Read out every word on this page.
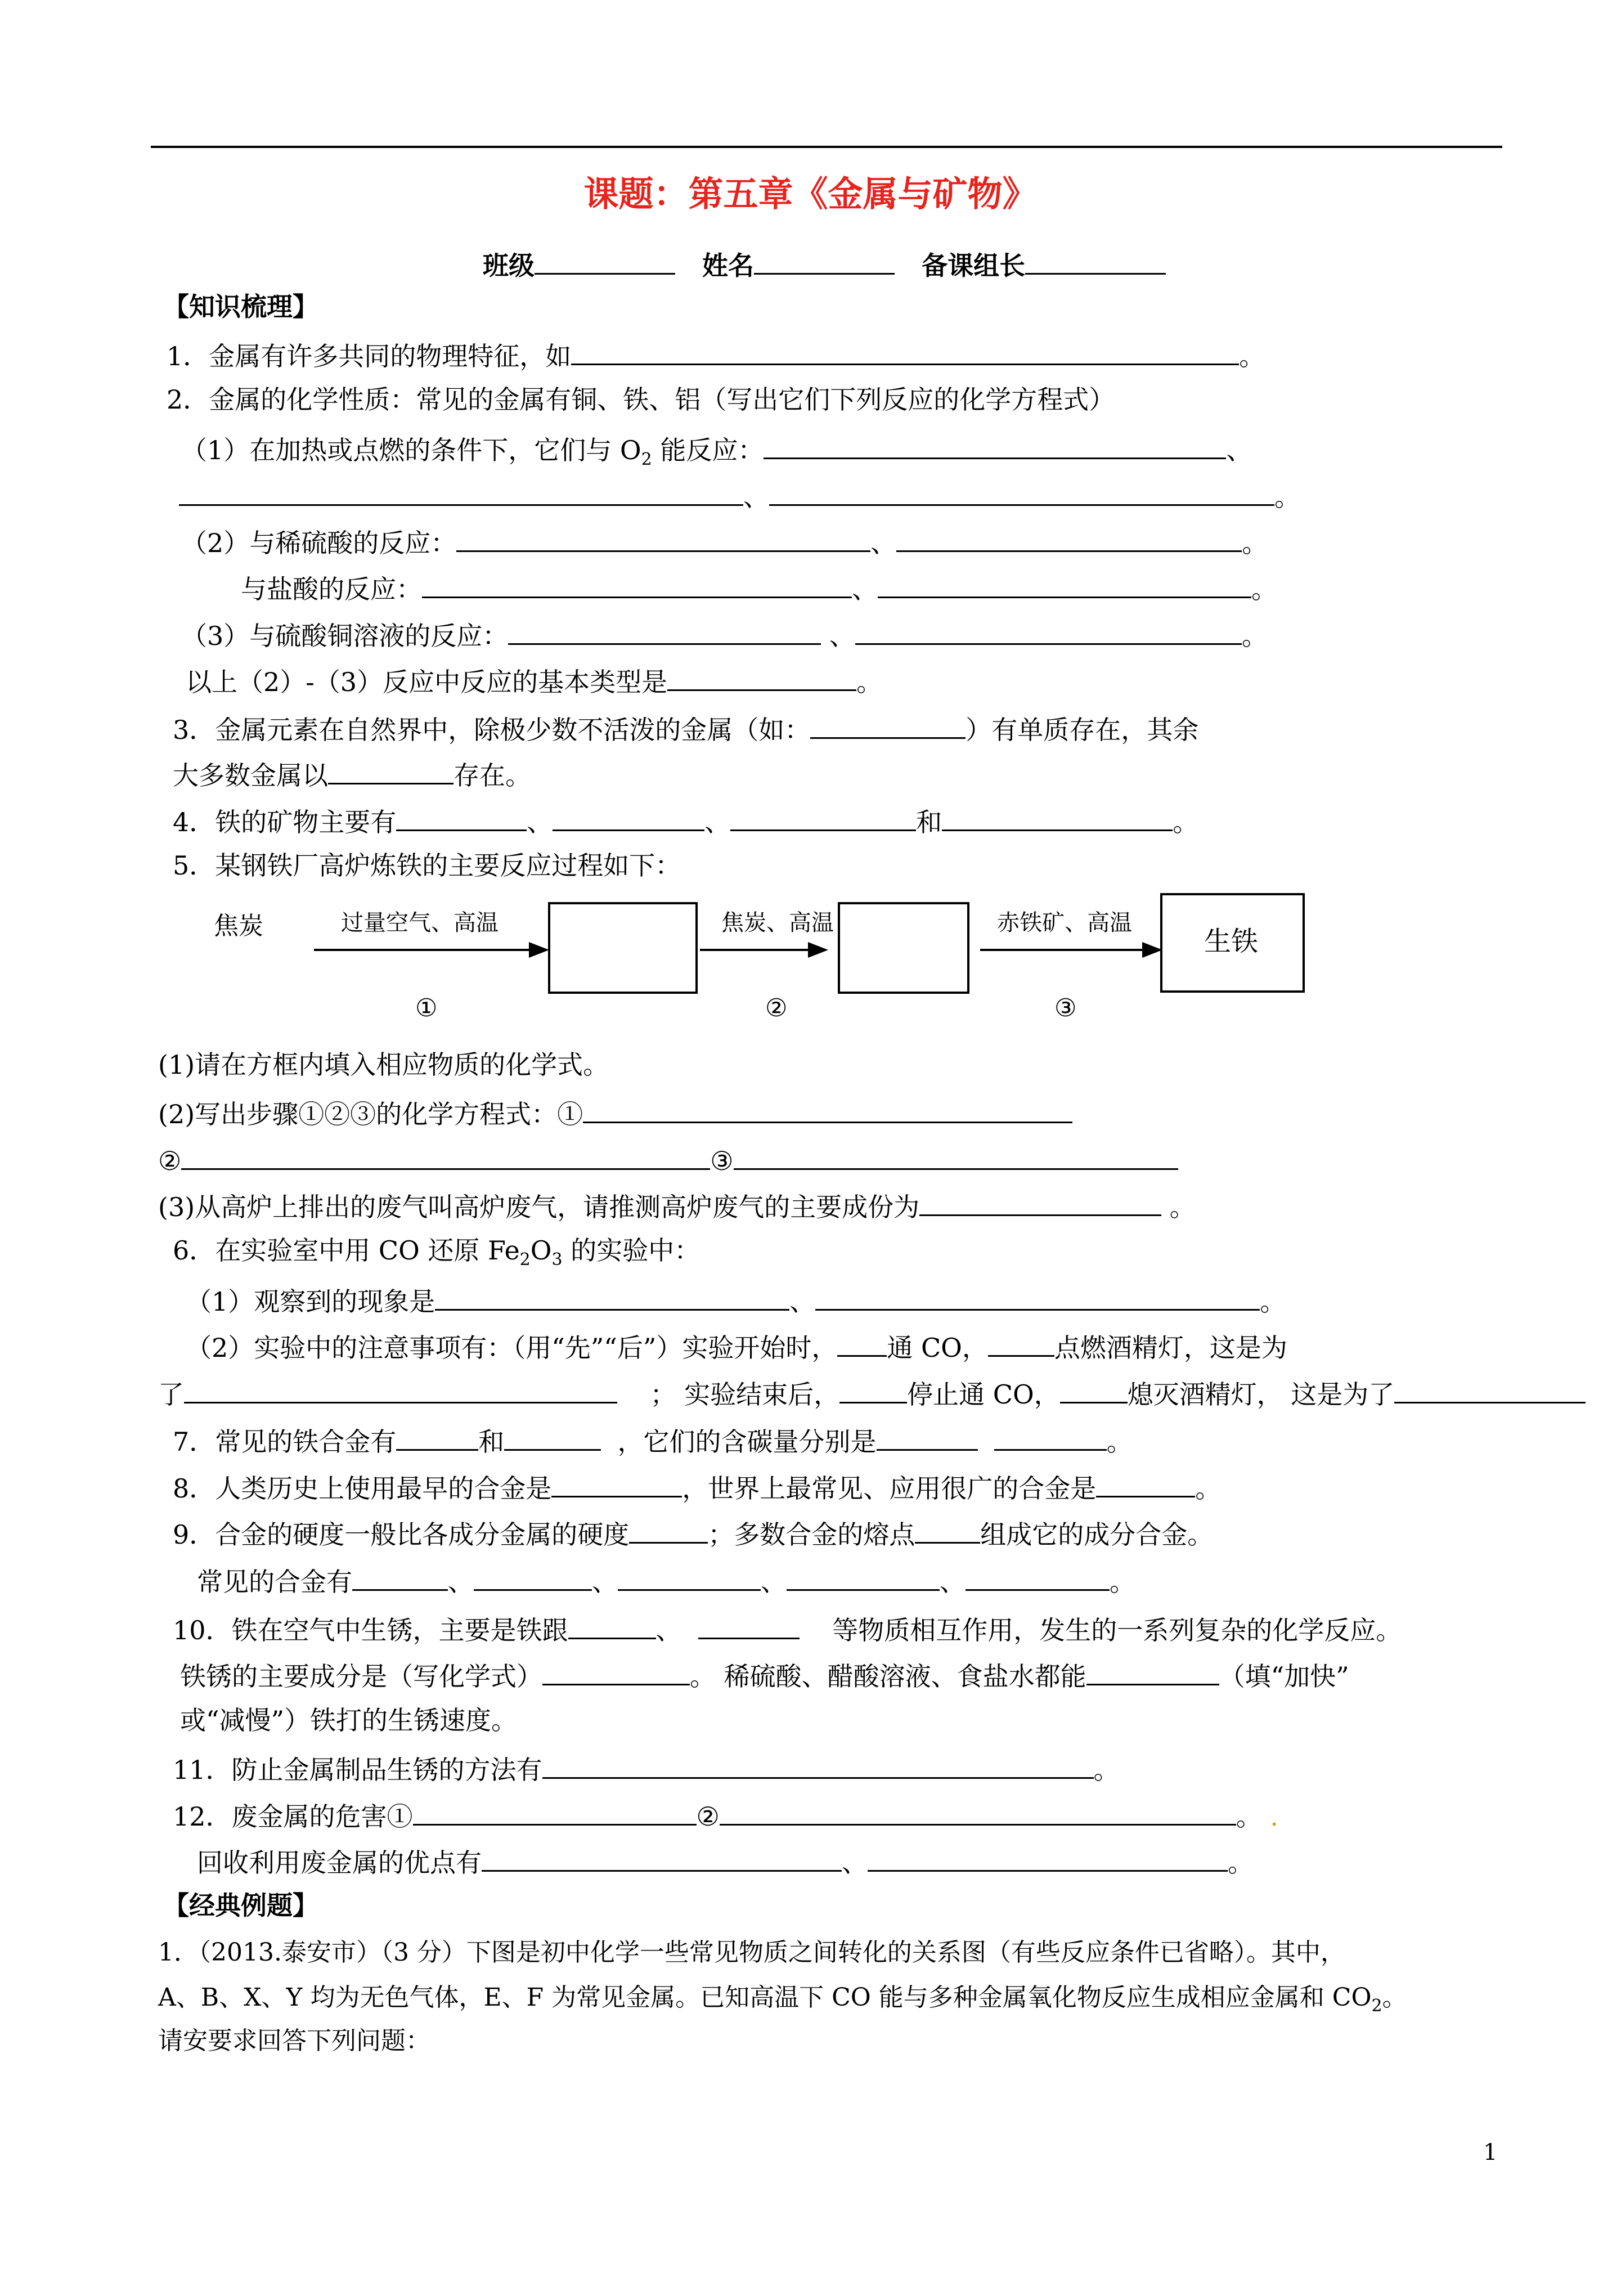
课题：第五章《金属与矿物》
班级	姓名	备课组长
【知识梳理】
1．金属有许多共同的物理特征，如	。
2．金属的化学性质：常见的金属有铜、铁、铝（写出它们下列反应的化学方程式）
（1）在加热或点燃的条件下，它们与 $O_2$ 能反应：	、
、	。
（2）与稀硫酸的反应：	、	。
与盐酸的反应：	、	。
（3）与硫酸铜溶液的反应：	、	。
以上（2）-（3）反应中反应的基本类型是	。
3．金属元素在自然界中，除极少数不活泼的金属（如：	）有单质存在，其余
大多数金属以	存在。
4．铁的矿物主要有	、	、	和	。
5．某钢铁厂高炉炼铁的主要反应过程如下：
焦炭	过量空气、高温	焦炭、高温	赤铁矿、高温
生铁
①	②	③
(1)请在方框内填入相应物质的化学式。
(2)写出步骤①②③的化学方程式：①
②	③
(3)从高炉上排出的废气叫高炉废气，请推测高炉废气的主要成份为	。
6．在实验室中用 CO 还原 $Fe_2O_3$ 的实验中：
（1）观察到的现象是	、	。
（2）实验中的注意事项有：（用“先”“后”）实验开始时， 通 CO，	点燃酒精灯，这是为
了	； 实验结束后，	停止通 CO，	熄灭酒精灯， 这是为了
7．常见的铁合金有	和	，它们的含碳量分别是	。
8．人类历史上使用最早的合金是	，世界上最常见、应用很广的合金是	。
9．合金的硬度一般比各成分金属的硬度	；多数合金的熔点	组成它的成分合金。
常见的合金有	、	、	、	、	。
10．铁在空气中生锈，主要是铁跟	、	等物质相互作用，发生的一系列复杂的化学反应。
铁锈的主要成分是（写化学式）	。 稀硫酸、醋酸溶液、食盐水都能	（填“加快”
或“减慢”）铁打的生锈速度。
11．防止金属制品生锈的方法有	。
12．废金属的危害①	②	。 .
回收利用废金属的优点有	、	。
【经典例题】
1．（2013.泰安市）（3 分）下图是初中化学一些常见物质之间转化的关系图（有些反应条件已省略）。其中，
A、B、X、Y 均为无色气体，E、F 为常见金属。已知高温下 CO 能与多种金属氧化物反应生成相应金属和 $CO_2$。
请安要求回答下列问题：
1
